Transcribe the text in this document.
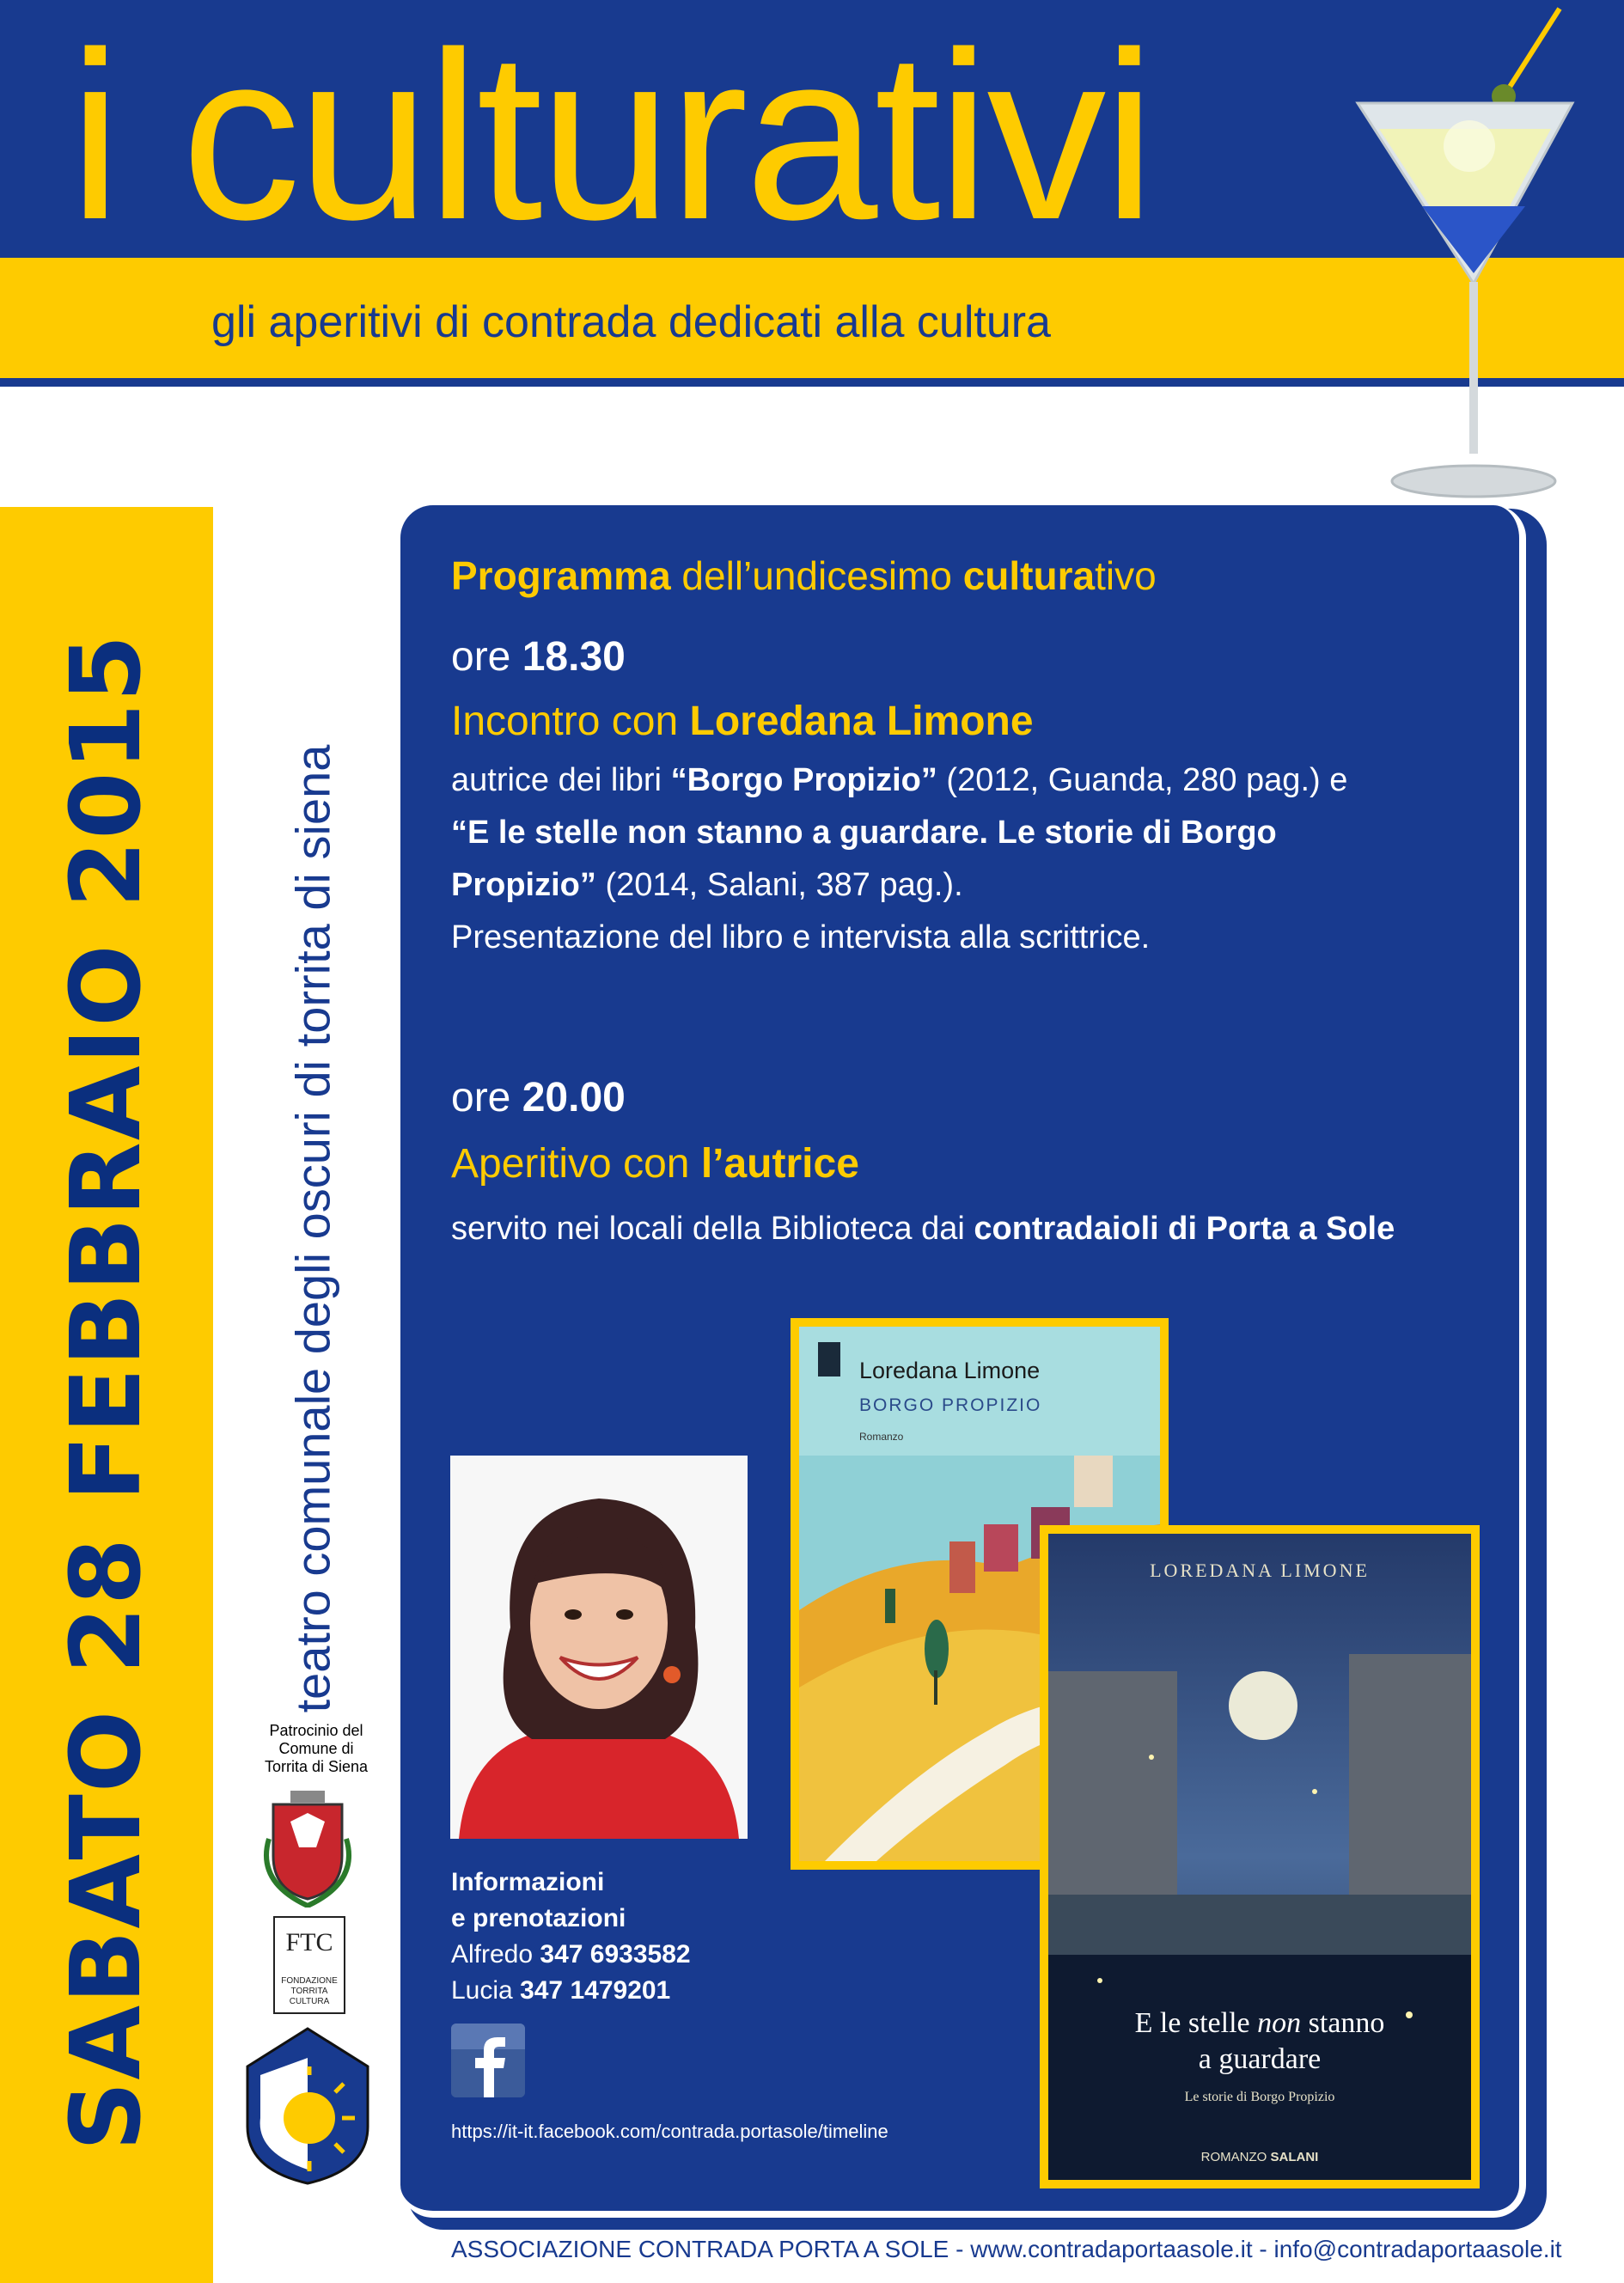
i culturativi
gli aperitivi di contrada dedicati alla cultura
SABATO 28 FEBBRAIO 2015	teatro comunale degli oscuri di torrita di siena
Programma dell’undicesimo culturativo
ore 18.30
Incontro con Loredana Limone
autrice dei libri “Borgo Propizio” (2012, Guanda, 280 pag.) e
“E le stelle non stanno a guardare. Le storie di Borgo
Propizio” (2014, Salani, 387 pag.).
Presentazione del libro e intervista alla scrittrice.
ore 20.00
Aperitivo con l’autrice
servito nei locali della Biblioteca dai contradaioli di Porta a Sole
Informazioni
e prenotazioni
Alfredo 347 6933582
Lucia 347 1479201
https://it-it.facebook.com/contrada.portasole/timeline
Loredana Limone
BORGO PROPIZIO
Romanzo
LOREDANA LIMONE
E le stelle non stanno
a guardare
Le storie di Borgo Propizio
ROMANZO SALANI
Patrocinio del
Comune di
Torrita di Siena
FTC
FONDAZIONE
TORRITA
CULTURA
ASSOCIAZIONE CONTRADA PORTA A SOLE - www.contradaportaasole.it - info@contradaportaasole.it
